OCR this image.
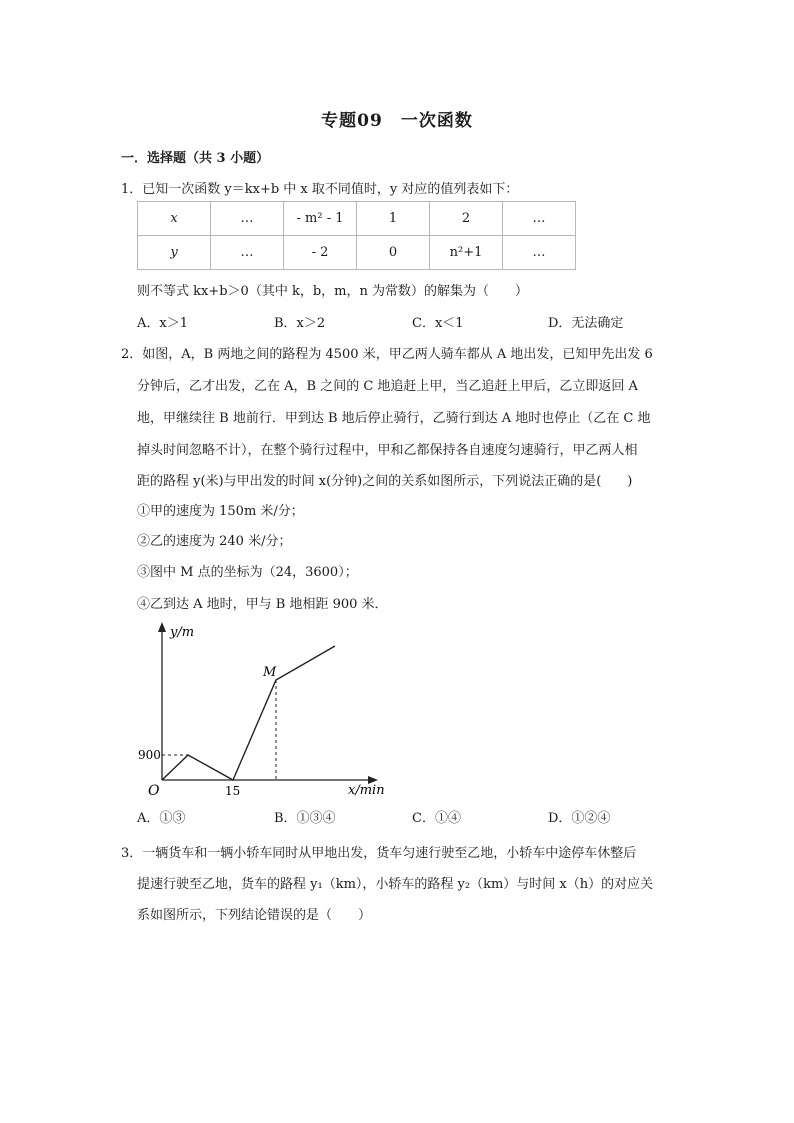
专题09　一次函数
一．选择题（共 3 小题）
1．已知一次函数 y＝kx+b 中 x 取不同值时，y 对应的值列表如下：
x	…	- m² - 1	1	2	…
y	…	- 2	0	n²+1	…
则不等式 kx+b＞0（其中 k，b，m，n 为常数）的解集为（　　）
A．x＞1	B．x＞2	C．x＜1	D．无法确定
2．如图，A，B 两地之间的路程为 4500 米，甲乙两人骑车都从 A 地出发，已知甲先出发 6
分钟后，乙才出发，乙在 A，B 之间的 C 地追赶上甲，当乙追赶上甲后，乙立即返回 A
地，甲继续往 B 地前行．甲到达 B 地后停止骑行，乙骑行到达 A 地时也停止（乙在 C 地
掉头时间忽略不计），在整个骑行过程中，甲和乙都保持各自速度匀速骑行，甲乙两人相
距的路程 y(米)与甲出发的时间 x(分钟)之间的关系如图所示，下列说法正确的是(　　)
①甲的速度为 150m 米/分；
②乙的速度为 240 米/分；
③图中 M 点的坐标为（24，3600）；
④乙到达 A 地时，甲与 B 地相距 900 米．
y/m
x/min
O
M
900
15
A．①③	B．①③④	C．①④	D．①②④
3．一辆货车和一辆小轿车同时从甲地出发，货车匀速行驶至乙地，小轿车中途停车休整后
提速行驶至乙地，货车的路程 y₁（km），小轿车的路程 y₂（km）与时间 x（h）的对应关
系如图所示，下列结论错误的是（　　）
